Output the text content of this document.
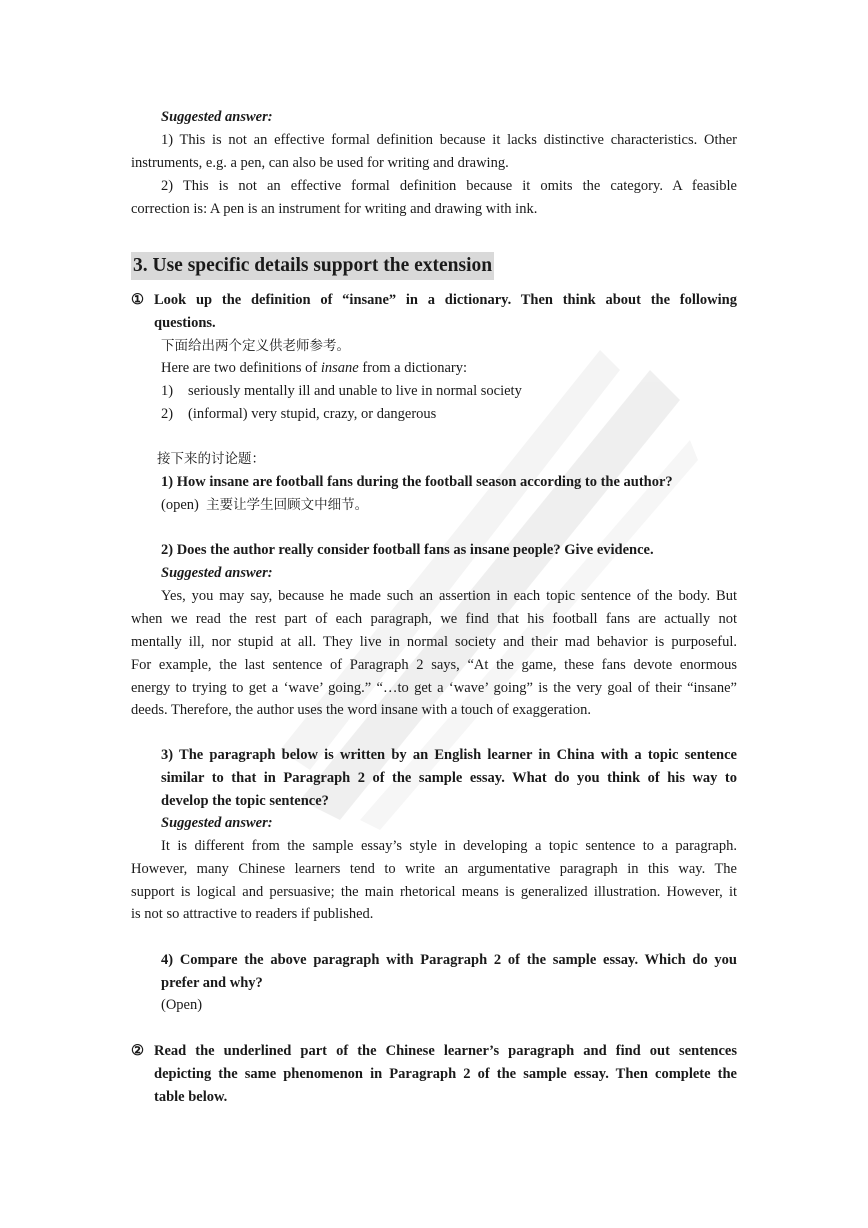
Suggested answer:
1) This is not an effective formal definition because it lacks distinctive characteristics. Other
instruments, e.g. a pen, can also be used for writing and drawing.
2) This is not an effective formal definition because it omits the category. A feasible
correction is: A pen is an instrument for writing and drawing with ink.
3. Use specific details support the extension
① Look up the definition of “insane” in a dictionary. Then think about the following
questions.
下面给出两个定义供老师参考。
Here are two definitions of insane from a dictionary:
1)	seriously mentally ill and unable to live in normal society
2)	(informal) very stupid, crazy, or dangerous
接下来的讨论题：
1) How insane are football fans during the football season according to the author?
(open) 主要让学生回顾文中细节。
2) Does the author really consider football fans as insane people? Give evidence.
Suggested answer:
Yes, you may say, because he made such an assertion in each topic sentence of the body. But
when we read the rest part of each paragraph, we find that his football fans are actually not
mentally ill, nor stupid at all. They live in normal society and their mad behavior is purposeful.
For example, the last sentence of Paragraph 2 says, “At the game, these fans devote enormous
energy to trying to get a ‘wave’ going.” “…to get a ‘wave’ going” is the very goal of their “insane”
deeds. Therefore, the author uses the word insane with a touch of exaggeration.
3) The paragraph below is written by an English learner in China with a topic sentence
similar to that in Paragraph 2 of the sample essay. What do you think of his way to
develop the topic sentence?
Suggested answer:
It is different from the sample essay’s style in developing a topic sentence to a paragraph.
However, many Chinese learners tend to write an argumentative paragraph in this way. The
support is logical and persuasive; the main rhetorical means is generalized illustration. However, it
is not so attractive to readers if published.
4) Compare the above paragraph with Paragraph 2 of the sample essay. Which do you
prefer and why?
(Open)
② Read the underlined part of the Chinese learner’s paragraph and find out sentences
depicting the same phenomenon in Paragraph 2 of the sample essay. Then complete the
table below.
